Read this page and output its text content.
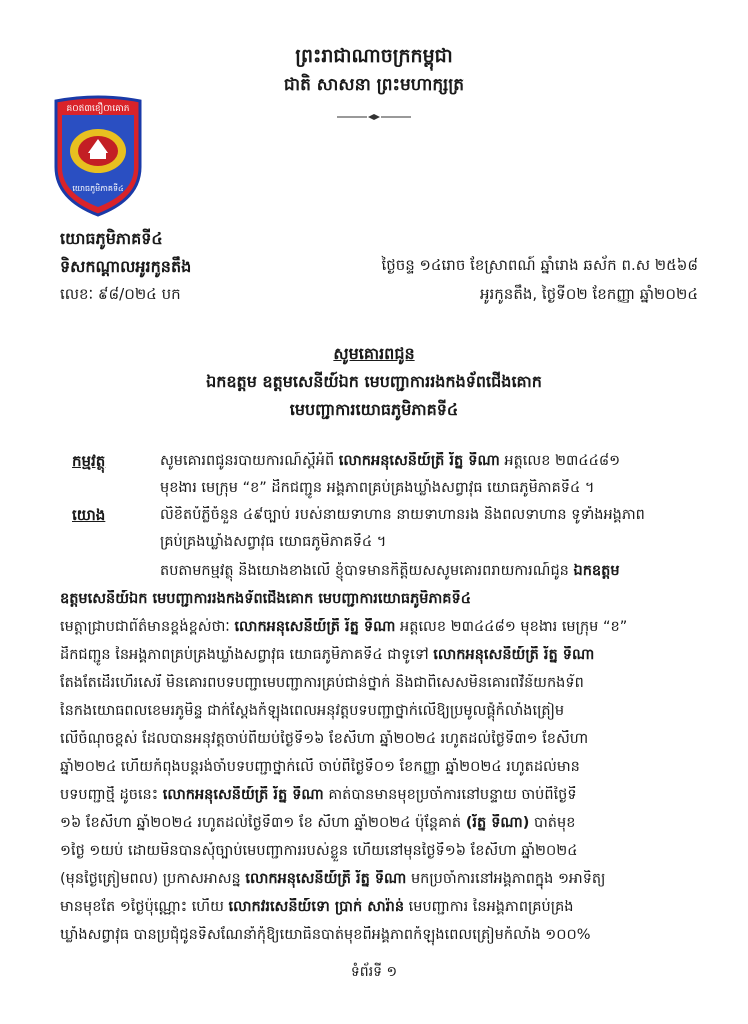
ព្រះរាជាណាចក្រកម្ពុជា
ជាតិ សាសនា ព្រះមហាក្សត្រ
គ០ឥ៣ខឿ០ាគោភ
យោធភូមិភាគទី៤
យោធភូមិភាគទី៤
ទិសកណ្តាលអូរកូនតឹង
លេខៈ ៩៨/០២៤ បក
ថ្ងៃចន្ទ ១៤រោច ខែស្រាពណ៍ ឆ្នាំរោង ឆស័ក ព.ស ២៥៦៨
អូរកូនតឹង, ថ្ងៃទី០២ ខែកញ្ញា ឆ្នាំ២០២៤
សូមគោរពជូន
ឯកឧត្តម ឧត្តមសេនីយ៍ឯក មេបញ្ជាការរងកងទ័ពជើងគោក
មេបញ្ជាការយោធភូមិភាគទី៤
កម្មវត្ថុ	សូមគោរពជូនរបាយការណ៍ស្តីអំពី លោកអនុសេនីយ៍ត្រី រ័ត្ន ទីណា អត្តលេខ ២៣៤៤៨១
មុខងារ មេក្រុម “ខ” ដឹកជញ្ជូន អង្គភាពគ្រប់គ្រងឃ្លាំងសព្វាវុធ យោធភូមិភាគទី៤ ។
យោង	លិខិតបំភ្លឺចំនួន ៤៩ច្បាប់ របស់នាយទាហាន នាយទាហានរង និងពលទាហាន ទូទាំងអង្គភាព
គ្រប់គ្រងឃ្លាំងសព្វាវុធ យោធភូមិភាគទី៤ ។
តបតាមកម្មវត្ថុ និងយោងខាងលើ ខ្ញុំបាទមានកិត្តិយសសូមគោរពរាយការណ៍ជូន ឯកឧត្តម
ឧត្តមសេនីយ៍ឯក មេបញ្ជាការរងកងទ័ពជើងគោក មេបញ្ជាការយោធភូមិភាគទី៤
មេត្តាជ្រាបជាព័ត៌មានខ្ពង់ខ្ពស់ថាៈ លោកអនុសេនីយ៍ត្រី រ័ត្ន ទីណា អត្តលេខ ២៣៤៤៨១ មុខងារ មេក្រុម “ខ”
ដឹកជញ្ជូន នៃអង្គភាពគ្រប់គ្រងឃ្លាំងសព្វាវុធ យោធភូមិភាគទី៤ ជាទូទៅ លោកអនុសេនីយ៍ត្រី រ័ត្ន ទីណា
តែងតែដើរហើរសេរី មិនគោរពបទបញ្ជាមេបញ្ជាការគ្រប់ជាន់ថ្នាក់ និងជាពិសេសមិនគោរពវិន័យកងទ័ព
នៃកងយោធពលខេមរភូមិន្ទ ជាក់ស្តែងកំឡុងពេលអនុវត្តបទបញ្ជាថ្នាក់លើឱ្យប្រមូលផ្តុំកំលាំងត្រៀម
លើចំណុចខ្ពស់ ដែលបានអនុវត្តចាប់ពីយប់ថ្ងៃទី១៦ ខែសីហា ឆ្នាំ២០២៤ រហូតដល់ថ្ងៃទី៣១ ខែសីហា
ឆ្នាំ២០២៤ ហើយកំពុងបន្តរង់ចាំបទបញ្ជាថ្នាក់លើ ចាប់ពីថ្ងៃទី០១ ខែកញ្ញា ឆ្នាំ២០២៤ រហូតដល់មាន
បទបញ្ជាថ្មី ដូចនេះ លោកអនុសេនីយ៍ត្រី រ័ត្ន ទីណា គាត់បានមានមុខប្រចាំការនៅបន្ទាយ ចាប់ពីថ្ងៃទី
១៦ ខែសីហា ឆ្នាំ២០២៤ រហូតដល់ថ្ងៃទី៣១ ខែ សីហា ឆ្នាំ២០២៤ ប៉ុន្តែគាត់ (រ័ត្ន ទីណា) បាត់មុខ
១ថ្ងៃ ១យប់ ដោយមិនបានសុំច្បាប់មេបញ្ជាការរបស់ខ្លួន ហើយនៅមុនថ្ងៃទី១៦ ខែសីហា ឆ្នាំ២០២៤
(មុនថ្ងៃត្រៀមពល) ប្រកាសអាសន្ន លោកអនុសេនីយ៍ត្រី រ័ត្ន ទីណា មកប្រចាំការនៅអង្គភាពក្នុង ១អាទិត្យ
មានមុខតែ ១ថ្ងៃប៉ុណ្ណោះ ហើយ លោកវរសេនីយ៍ទោ ប្រាក់ សារ៉ាន់ មេបញ្ជាការ នៃអង្គភាពគ្រប់គ្រង
ឃ្លាំងសព្វាវុធ បានប្រជុំជូនទិសណែនាំកុំឱ្យយោធិនបាត់មុខពីអង្គភាពកំឡុងពេលត្រៀមកំលាំង ១០០%
ទំព័រទី ១
